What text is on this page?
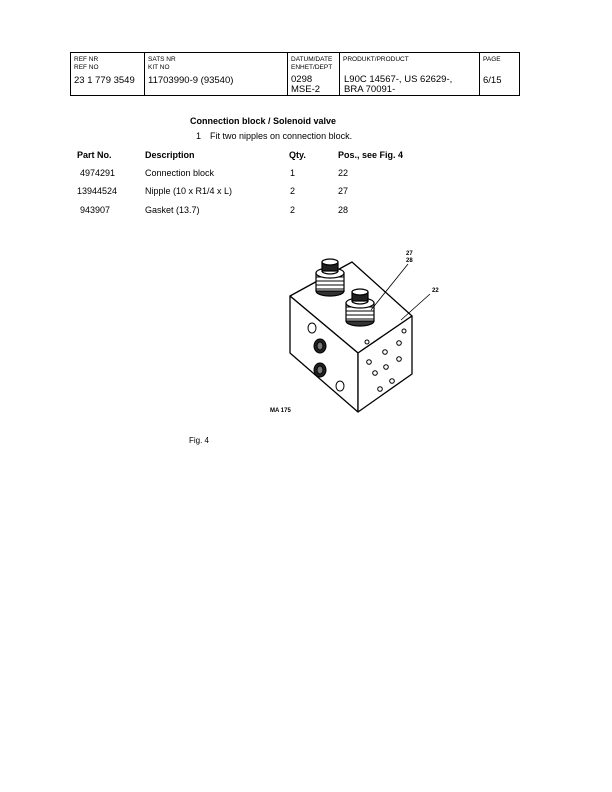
REF NR
REF NO
23 1 779 3549
SATS NR
KIT NO
11703990-9 (93540)
DATUM/DATE
ENHET/DEPT
0298
MSE-2
PRODUKT/PRODUCT
L90C 14567-, US 62629-,
BRA 70091-
PAGE
6/15
Connection block / Solenoid valve
1 Fit two nipples on connection block.
Part No.	Description	Qty.	Pos., see Fig. 4
4974291	Connection block	1	22
13944524	Nipple (10 x R1/4 x L)	2	27
943907	Gasket (13.7)	2	28
27
28
22
MA 175
Fig. 4
